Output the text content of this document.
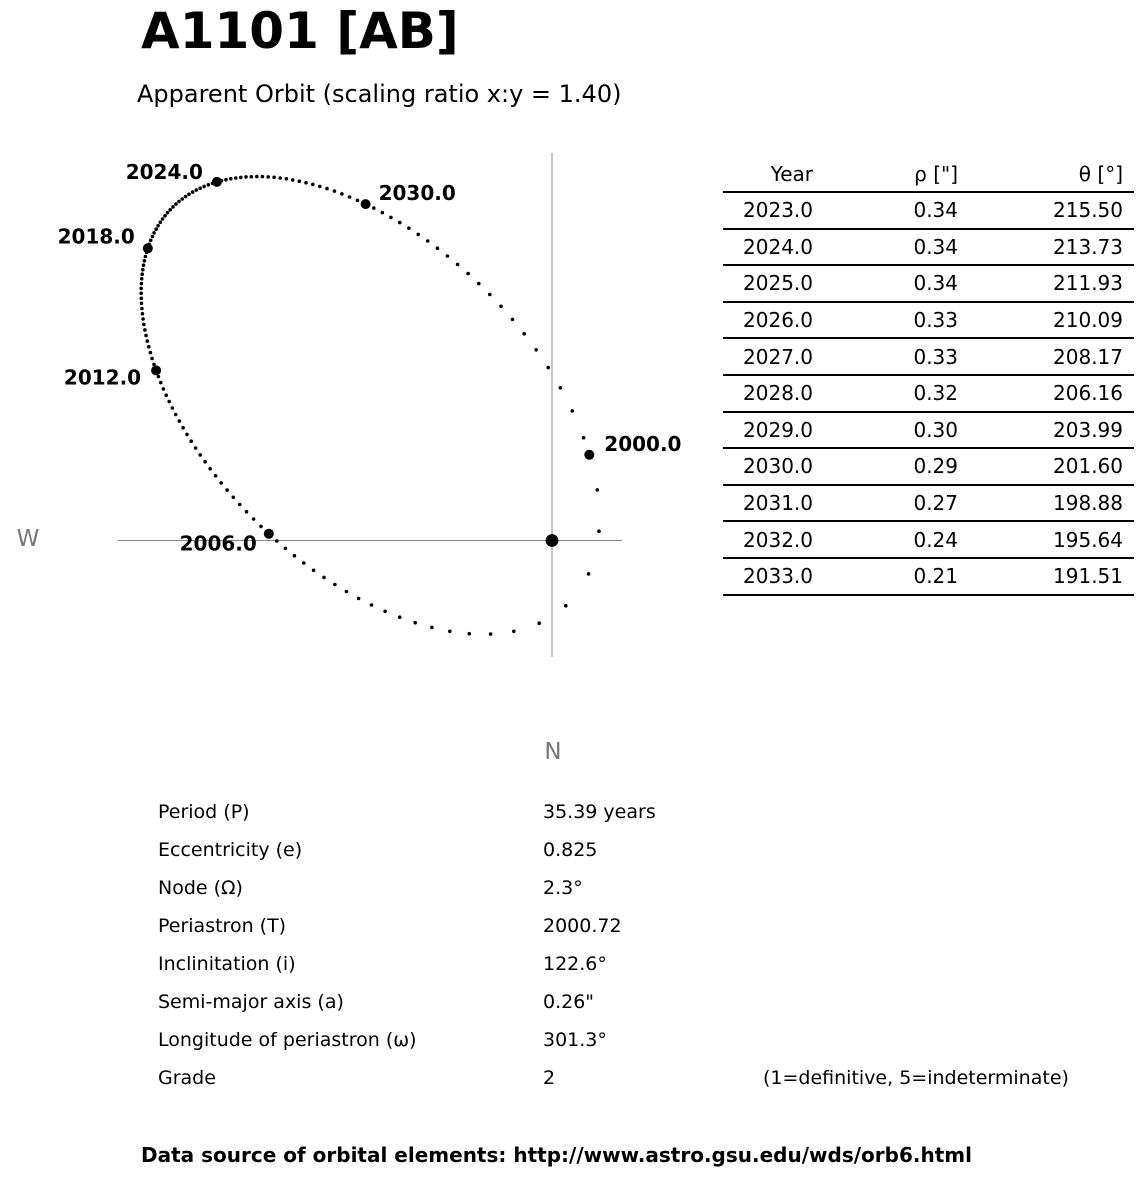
A1101 [AB]
Apparent Orbit (scaling ratio x:y = 1.40)
2000.0
2006.0
2012.0
2018.0
2024.0
2030.0
W
N
Year	ρ ["]	θ [°]
2023.0	0.34	215.50
2024.0	0.34	213.73
2025.0	0.34	211.93
2026.0	0.33	210.09
2027.0	0.33	208.17
2028.0	0.32	206.16
2029.0	0.30	203.99
2030.0	0.29	201.60
2031.0	0.27	198.88
2032.0	0.24	195.64
2033.0	0.21	191.51
Period (P)	35.39 years
Eccentricity (e)	0.825
Node (Ω)	2.3°
Periastron (T)	2000.72
Inclinitation (i)	122.6°
Semi-major axis (a)	0.26"
Longitude of periastron (ω)	301.3°
Grade	2	(1=definitive, 5=indeterminate)
Data source of orbital elements: http://www.astro.gsu.edu/wds/orb6.html
